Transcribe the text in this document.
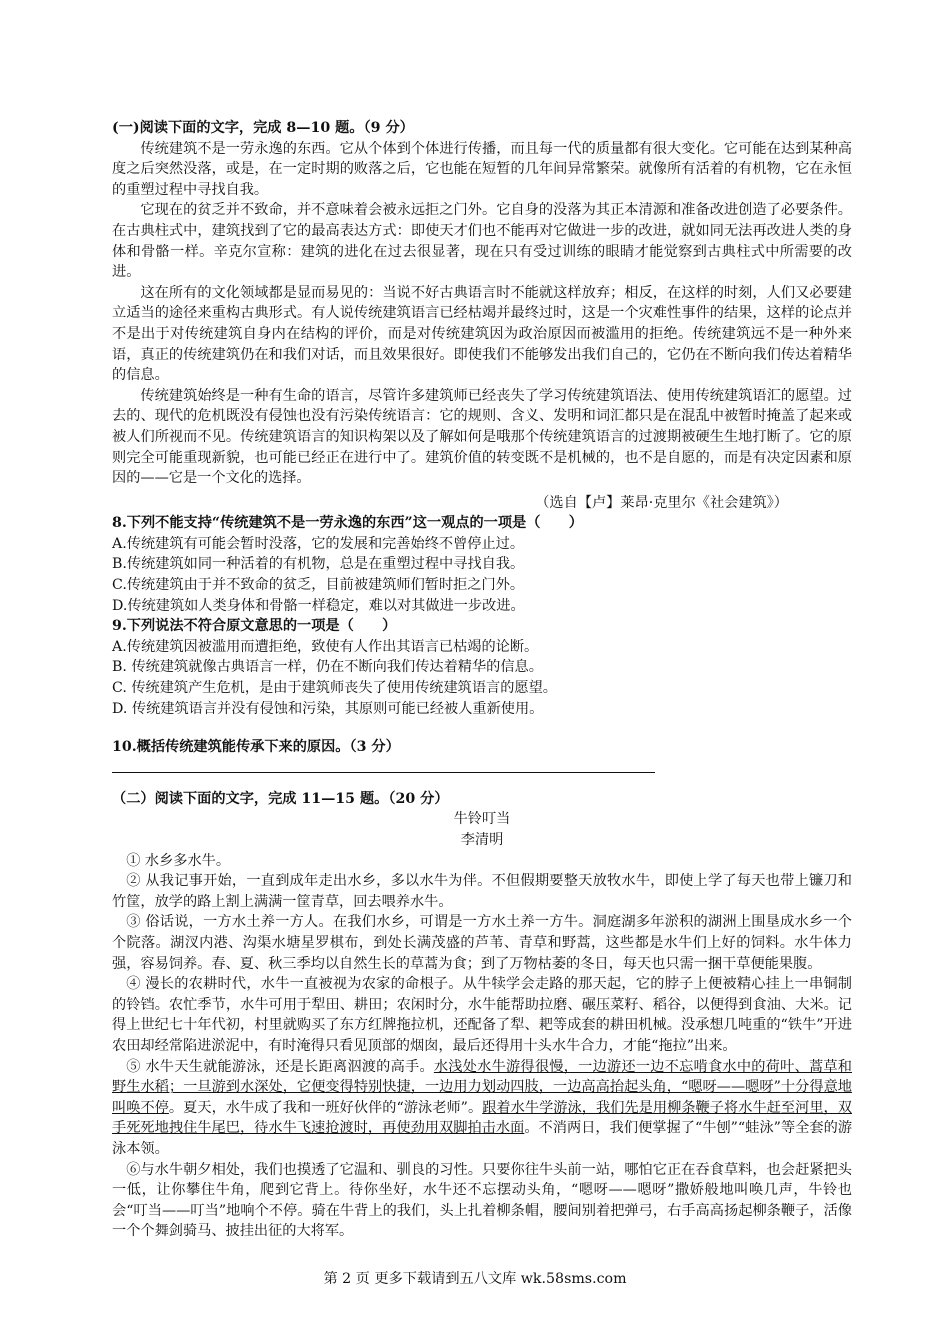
(一)阅读下面的文字，完成 8—10 题。（9 分）

传统建筑不是一劳永逸的东西。它从个体到个体进行传播，而且每一代的质量都有很大变化。它可能在达到某种高度之后突然没落，或是，在一定时期的败落之后，它也能在短暂的几年间异常繁荣。就像所有活着的有机物，它在永恒的重塑过程中寻找自我。

它现在的贫乏并不致命，并不意味着会被永远拒之门外。它自身的没落为其正本清源和准备改进创造了必要条件。在古典柱式中，建筑找到了它的最高表达方式：即使天才们也不能再对它做进一步的改进，就如同无法再改进人类的身体和骨骼一样。辛克尔宣称：建筑的进化在过去很显著，现在只有受过训练的眼睛才能觉察到古典柱式中所需要的改进。

这在所有的文化领域都是显而易见的：当说不好古典语言时不能就这样放弃；相反，在这样的时刻，人们又必要建立适当的途径来重构古典形式。有人说传统建筑语言已经枯竭并最终过时，这是一个灾难性事件的结果，这样的论点并不是出于对传统建筑自身内在结构的评价，而是对传统建筑因为政治原因而被滥用的拒绝。传统建筑远不是一种外来语，真正的传统建筑仍在和我们对话，而且效果很好。即使我们不能够发出我们自己的，它仍在不断向我们传达着精华的信息。

传统建筑始终是一种有生命的语言，尽管许多建筑师已经丧失了学习传统建筑语法、使用传统建筑语汇的愿望。过去的、现代的危机既没有侵蚀也没有污染传统语言：它的规则、含义、发明和词汇都只是在混乱中被暂时掩盖了起来或被人们所视而不见。传统建筑语言的知识构架以及了解如何是哦那个传统建筑语言的过渡期被硬生生地打断了。它的原则完全可能重现新貌，也可能已经正在进行中了。建筑价值的转变既不是机械的，也不是自愿的，而是有决定因素和原因的——它是一个文化的选择。

（选自【卢】莱昂·克里尔《社会建筑》）

8.下列不能支持“传统建筑不是一劳永逸的东西”这一观点的一项是（　　）

A.传统建筑有可能会暂时没落，它的发展和完善始终不曾停止过。

B.传统建筑如同一种活着的有机物，总是在重塑过程中寻找自我。

C.传统建筑由于并不致命的贫乏，目前被建筑师们暂时拒之门外。

D.传统建筑如人类身体和骨骼一样稳定，难以对其做进一步改进。

9.下列说法不符合原文意思的一项是（　　）

A.传统建筑因被滥用而遭拒绝，致使有人作出其语言已枯竭的论断。

B. 传统建筑就像古典语言一样，仍在不断向我们传达着精华的信息。

C. 传统建筑产生危机，是由于建筑师丧失了使用传统建筑语言的愿望。

D. 传统建筑语言并没有侵蚀和污染，其原则可能已经被人重新使用。

10.概括传统建筑能传承下来的原因。（3 分）

（二）阅读下面的文字，完成 11—15 题。（20 分）

牛铃叮当

李清明

① 水乡多水牛。

② 从我记事开始，一直到成年走出水乡，多以水牛为伴。不但假期要整天放牧水牛，即使上学了每天也带上镰刀和竹筐，放学的路上割上满满一筐青草，回去喂养水牛。

③ 俗话说，一方水土养一方人。在我们水乡，可谓是一方水土养一方牛。洞庭湖多年淤积的湖洲上围垦成水乡一个个院落。湖汊内港、沟渠水塘星罗棋布，到处长满茂盛的芦苇、青草和野蒿，这些都是水牛们上好的饲料。水牛体力强，容易饲养。春、夏、秋三季均以自然生长的草蒿为食；到了万物枯萎的冬日，每天也只需一捆干草便能果腹。

④ 漫长的农耕时代，水牛一直被视为农家的命根子。从牛犊学会走路的那天起，它的脖子上便被精心挂上一串铜制的铃铛。农忙季节，水牛可用于犁田、耕田；农闲时分，水牛能帮助拉磨、碾压菜籽、稻谷，以便得到食油、大米。记得上世纪七十年代初，村里就购买了东方红牌拖拉机，还配备了犁、耙等成套的耕田机械。没承想几吨重的“铁牛”开进农田却经常陷进淤泥中，有时淹得只看见顶部的烟囱，最后还得用十头水牛合力，才能“拖拉”出来。

⑤ 水牛天生就能游泳，还是长距离泅渡的高手。水浅处水牛游得很慢，一边游还一边不忘啃食水中的荷叶、蒿草和野生水稻；一旦游到水深处，它便变得特别快捷，一边用力划动四肢，一边高高抬起头角，“嗯呀——嗯呀”十分得意地叫唤不停。夏天，水牛成了我和一班好伙伴的“游泳老师”。跟着水牛学游泳，我们先是用柳条鞭子将水牛赶至河里，双手死死地拽住牛尾巴，待水牛飞速抢渡时，再使劲用双脚拍击水面。不消两日，我们便掌握了“牛刨”“蛙泳”等全套的游泳本领。

⑥与水牛朝夕相处，我们也摸透了它温和、驯良的习性。只要你往牛头前一站，哪怕它正在吞食草料，也会赶紧把头一低，让你攀住牛角，爬到它背上。待你坐好，水牛还不忘摆动头角，“嗯呀——嗯呀”撒娇般地叫唤几声，牛铃也会“叮当——叮当”地响个不停。骑在牛背上的我们，头上扎着柳条帽，腰间别着把弹弓，右手高高扬起柳条鞭子，活像一个个舞剑骑马、披挂出征的大将军。

第 2 页 更多下载请到五八文库 wk.58sms.com
